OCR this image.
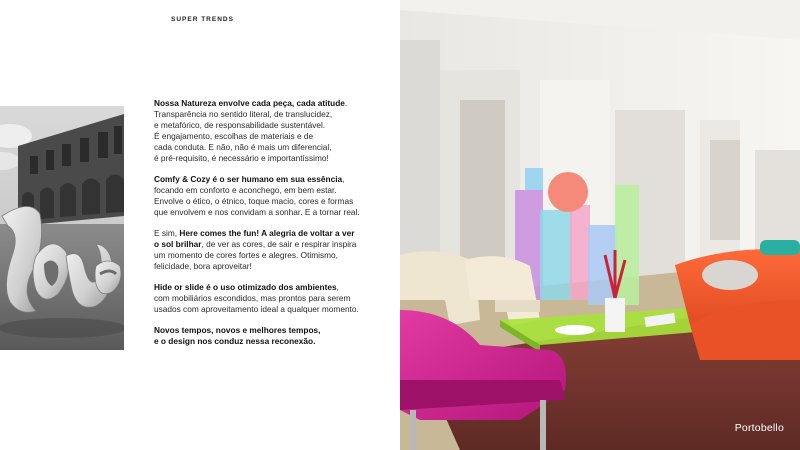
SUPER TRENDS

Nossa Natureza envolve cada peça, cada atitude.
Transparência no sentido literal, de translucidez,
e metafórico, de responsabilidade sustentável.
É engajamento, escolhas de materiais e de
cada conduta. E não, não é mais um diferencial,
é pré-requisito, é necessário e importantíssimo!

Comfy & Cozy é o ser humano em sua essência,
focando em conforto e aconchego, em bem estar.
Envolve o ético, o étnico, toque macio, cores e formas
que envolvem e nos convidam a sonhar. E a tornar real.

E sim, Here comes the fun! A alegria de voltar a ver
o sol brilhar, de ver as cores, de sair e respirar inspira
um momento de cores fortes e alegres. Otimismo,
felicidade, bora aproveitar!

Hide or slide é o uso otimizado dos ambientes,
com mobiliários escondidos, mas prontos para serem
usados com aproveitamento ideal a qualquer momento.

Novos tempos, novos e melhores tempos,
e o design nos conduz nessa reconexão.

Portobello
